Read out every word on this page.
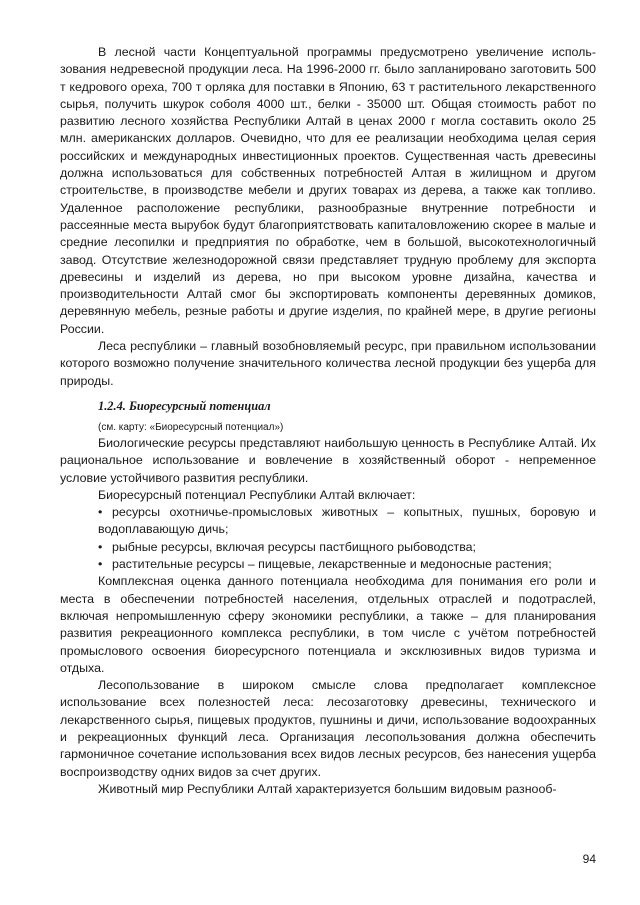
В лесной части Концептуальной программы предусмотрено увеличение использования недревесной продукции леса. На 1996-2000 гг. было запланировано заготовить 500 т кедрового ореха, 700 т орляка для поставки в Японию, 63 т растительного лекарственного сырья, получить шкурок соболя 4000 шт., белки - 35000 шт. Общая стоимость работ по развитию лесного хозяйства Республики Алтай в ценах 2000 г могла составить около 25 млн. американских долларов. Очевидно, что для ее реализации необходима целая серия российских и международных инвестиционных проектов. Существенная часть древесины должна использоваться для собственных потребностей Алтая в жилищном и другом строительстве, в производстве мебели и других товарах из дерева, а также как топливо. Удаленное расположение республики, разнообразные внутренние потребности и рассеянные места вырубок будут благоприятствовать капиталовложению скорее в малые и средние лесопилки и предприятия по обработке, чем в большой, высокотехнологичный завод. Отсутствие железнодорожной связи представляет трудную проблему для экспорта древесины и изделий из дерева, но при высоком уровне дизайна, качества и производительности Алтай смог бы экспортировать компоненты деревянных домиков, деревянную мебель, резные работы и другие изделия, по крайней мере, в другие регионы России.

Леса республики – главный возобновляемый ресурс, при правильном использовании которого возможно получение значительного количества лесной продукции без ущерба для природы.

1.2.4. Биоресурсный потенциал

(см. карту: «Биоресурсный потенциал»)

Биологические ресурсы представляют наибольшую ценность в Республике Алтай. Их рациональное использование и вовлечение в хозяйственный оборот - непременное условие устойчивого развития республики.

Биоресурсный потенциал Республики Алтай включает:

• ресурсы охотничье-промысловых животных – копытных, пушных, боровую и водоплавающую дичь;

• рыбные ресурсы, включая ресурсы пастбищного рыбоводства;

• растительные ресурсы – пищевые, лекарственные и медоносные растения;

Комплексная оценка данного потенциала необходима для понимания его роли и места в обеспечении потребностей населения, отдельных отраслей и подотраслей, включая непромышленную сферу экономики республики, а также – для планирования развития рекреационного комплекса республики, в том числе с учётом потребностей промыслового освоения биоресурсного потенциала и эксклюзивных видов туризма и отдыха.

Лесопользование в широком смысле слова предполагает комплексное использование всех полезностей леса: лесозаготовку древесины, технического и лекарственного сырья, пищевых продуктов, пушнины и дичи, использование водоохранных и рекреационных функций леса. Организация лесопользования должна обеспечить гармоничное сочетание использования всех видов лесных ресурсов, без нанесения ущерба воспроизводству одних видов за счет других.

Животный мир Республики Алтай характеризуется большим видовым разнооб-

94
